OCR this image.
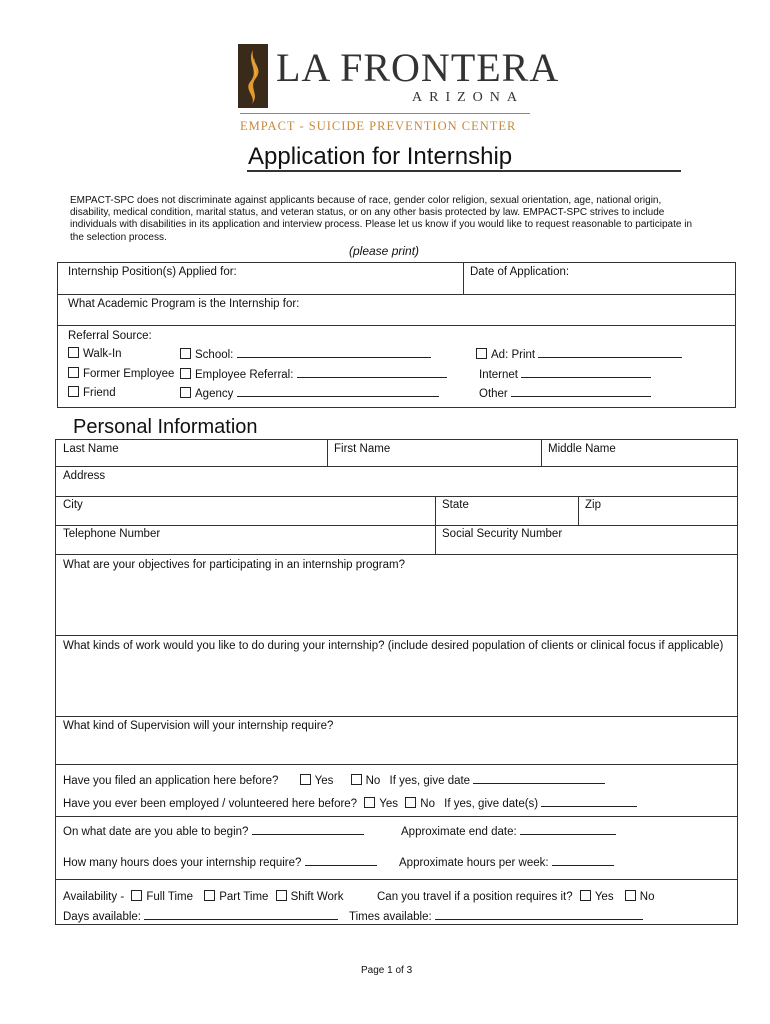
LA FRONTERA
ARIZONA
EMPACT - SUICIDE PREVENTION CENTER
Application for Internship
EMPACT-SPC does not discriminate against applicants because of race, gender color religion, sexual orientation, age, national origin, disability, medical condition, marital status, and veteran status, or on any other basis protected by law. EMPACT-SPC strives to include individuals with disabilities in its application and interview process. Please let us know if you would like to request reasonable to participate in the selection process.
(please print)
Internship Position(s) Applied for:	Date of Application:
What Academic Program is the Internship for:
Referral Source:
Walk-In	School:	Ad: Print
Former Employee	Employee Referral:	Internet
Friend	Agency	Other
Personal Information
Last Name	First Name	Middle Name
Address
City	State	Zip
Telephone Number	Social Security Number
What are your objectives for participating in an internship program?
What kinds of work would you like to do during your internship? (include desired population of clients or clinical focus if applicable)
What kind of Supervision will your internship require?
Have you filed an application here before?	Yes	No If yes, give date
Have you ever been employed / volunteered here before? Yes No If yes, give date(s)
On what date are you able to begin?	Approximate end date:
How many hours does your internship require?	Approximate hours per week:
Availability - Full Time Part Time Shift Work	Can you travel if a position requires it? Yes No
Days available:	Times available:
Page 1 of 3
